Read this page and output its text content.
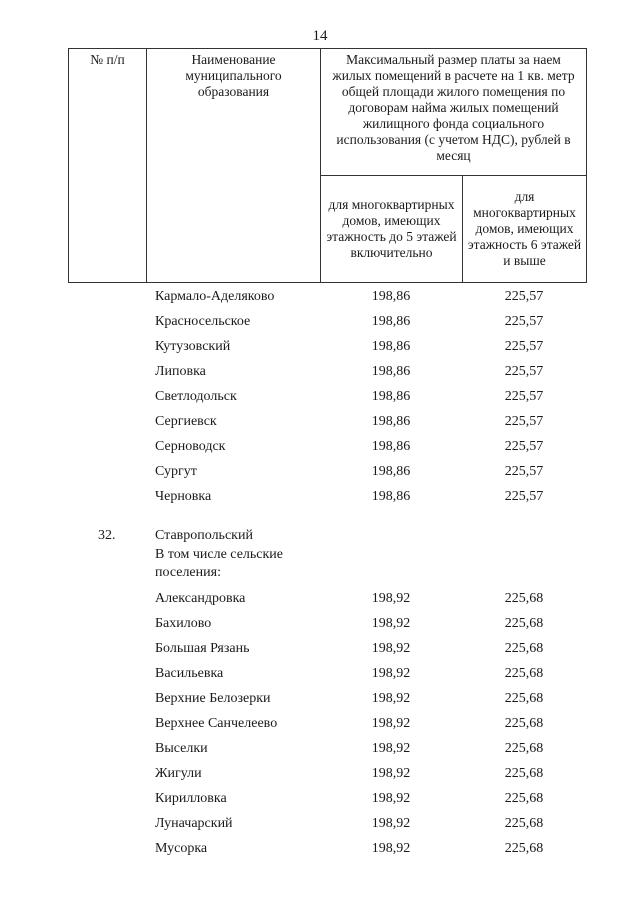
14
№ п/п	Наименование муниципального образования	Максимальный размер платы за наем жилых помещений в расчете на 1 кв. метр общей площади жилого помещения по договорам найма жилых помещений жилищного фонда социального использования (с учетом НДС), рублей в месяц	
		для многоквартирных домов, имеющих этажность до 5 этажей включительно	для многоквартирных домов, имеющих этажность 6 этажей и выше
Кармало-Аделяково	198,86	225,57
Красносельское	198,86	225,57
Кутузовский	198,86	225,57
Липовка	198,86	225,57
Светлодольск	198,86	225,57
Сергиевск	198,86	225,57
Серноводск	198,86	225,57
Сургут	198,86	225,57
Черновка	198,86	225,57
32.	Ставропольский
В том числе сельские поселения:
Александровка	198,92	225,68
Бахилово	198,92	225,68
Большая Рязань	198,92	225,68
Васильевка	198,92	225,68
Верхние Белозерки	198,92	225,68
Верхнее Санчелеево	198,92	225,68
Выселки	198,92	225,68
Жигули	198,92	225,68
Кирилловка	198,92	225,68
Луначарский	198,92	225,68
Мусорка	198,92	225,68
